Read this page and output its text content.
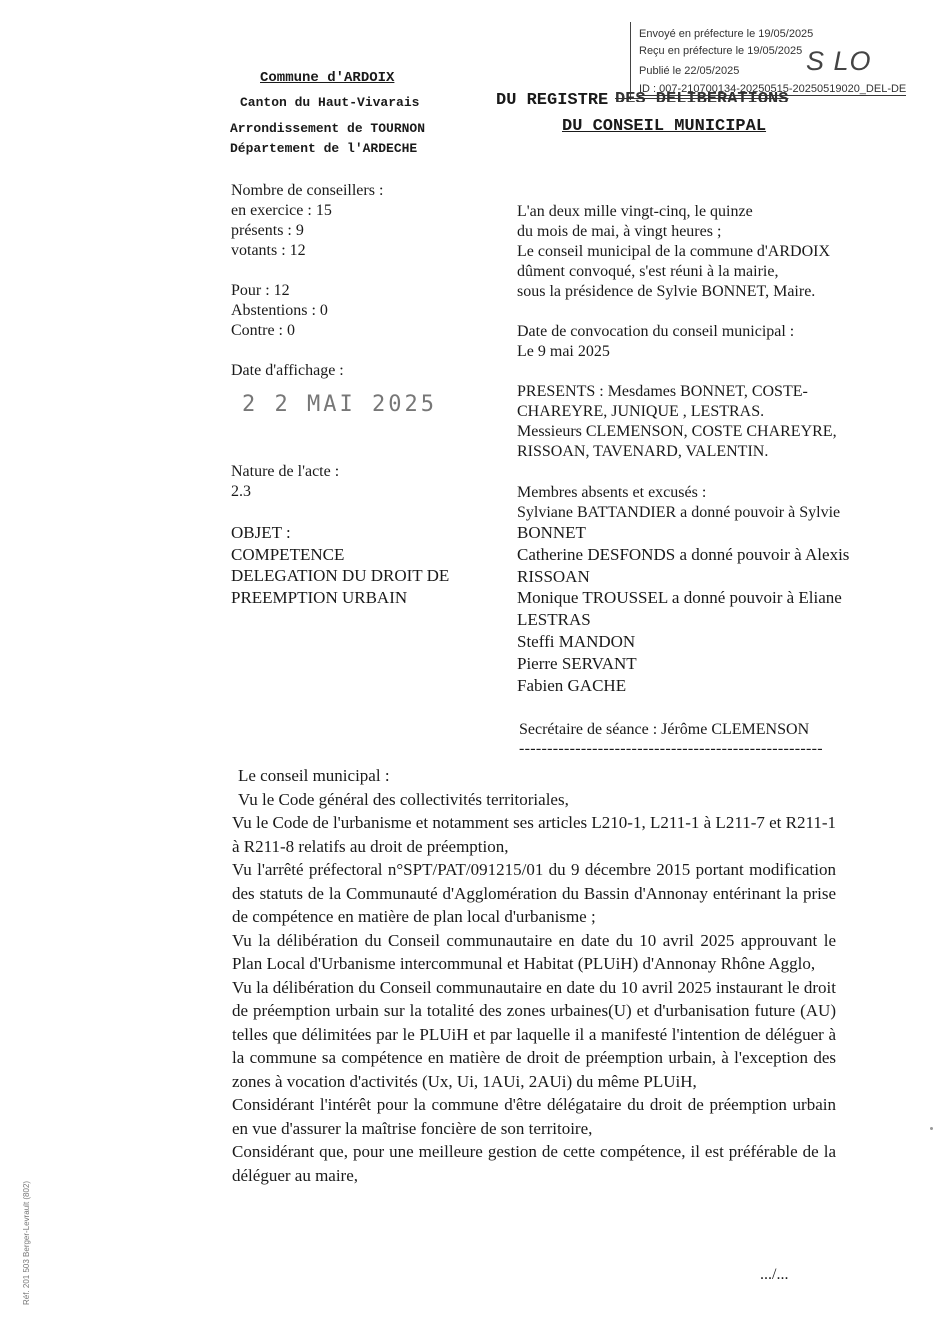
Envoyé en préfecture le 19/05/2025
Reçu en préfecture le 19/05/2025
Publié le 22/05/2025
ID : 007-210700134-20250515-20250519020_DEL-DE
S LO
Commune d'ARDOIX
Canton du Haut-Vivarais
Arrondissement de TOURNON
Département de l'ARDECHE
DU REGISTRE DES DELIBERATIONS
DU CONSEIL MUNICIPAL
Nombre de conseillers :
en exercice : 15
présents : 9
votants : 12
Pour : 12
Abstentions : 0
Contre : 0
Date d'affichage :
2 2 MAI 2025
Nature de l'acte :
2.3
OBJET :
COMPETENCE
DELEGATION DU DROIT DE
PREEMPTION URBAIN
L'an deux mille vingt-cinq, le quinze
du mois de mai, à vingt heures ;
Le conseil municipal de la commune d'ARDOIX
dûment convoqué, s'est réuni à la mairie,
sous la présidence de Sylvie BONNET, Maire.
Date de convocation du conseil municipal :
Le 9 mai 2025
PRESENTS : Mesdames BONNET, COSTE-
CHAREYRE, JUNIQUE , LESTRAS.
Messieurs CLEMENSON, COSTE CHAREYRE,
RISSOAN, TAVENARD, VALENTIN.
Membres absents et excusés :
Sylviane BATTANDIER a donné pouvoir à Sylvie
BONNET
Catherine DESFONDS a donné pouvoir à Alexis
RISSOAN
Monique TROUSSEL a donné pouvoir à Eliane
LESTRAS
Steffi MANDON
Pierre SERVANT
Fabien GACHE
Secrétaire de séance : Jérôme CLEMENSON
------------------------------------------------------
Le conseil municipal :
Vu le Code général des collectivités territoriales,
Vu le Code de l'urbanisme et notamment ses articles L210-1, L211-1 à L211-7 et R211-1 à R211-8 relatifs au droit de préemption,
Vu l'arrêté préfectoral n°SPT/PAT/091215/01 du 9 décembre 2015 portant modification des statuts de la Communauté d'Agglomération du Bassin d'Annonay entérinant la prise de compétence en matière de plan local d'urbanisme ;
Vu la délibération du Conseil communautaire en date du 10 avril 2025 approuvant le Plan Local d'Urbanisme intercommunal et Habitat (PLUiH) d'Annonay Rhône Agglo,
Vu la délibération du Conseil communautaire en date du 10 avril 2025 instaurant le droit de préemption urbain sur la totalité des zones urbaines(U) et d'urbanisation future (AU) telles que délimitées par le PLUiH et par laquelle il a manifesté l'intention de déléguer à la commune sa compétence en matière de droit de préemption urbain, à l'exception des zones à vocation d'activités (Ux, Ui, 1AUi, 2AUi) du même PLUiH,
Considérant l'intérêt pour la commune d'être délégataire du droit de préemption urbain en vue d'assurer la maîtrise foncière de son territoire,
Considérant que, pour une meilleure gestion de cette compétence, il est préférable de la déléguer au maire,
.../...
Réf. 201 503 Berger-Levrault (802)
